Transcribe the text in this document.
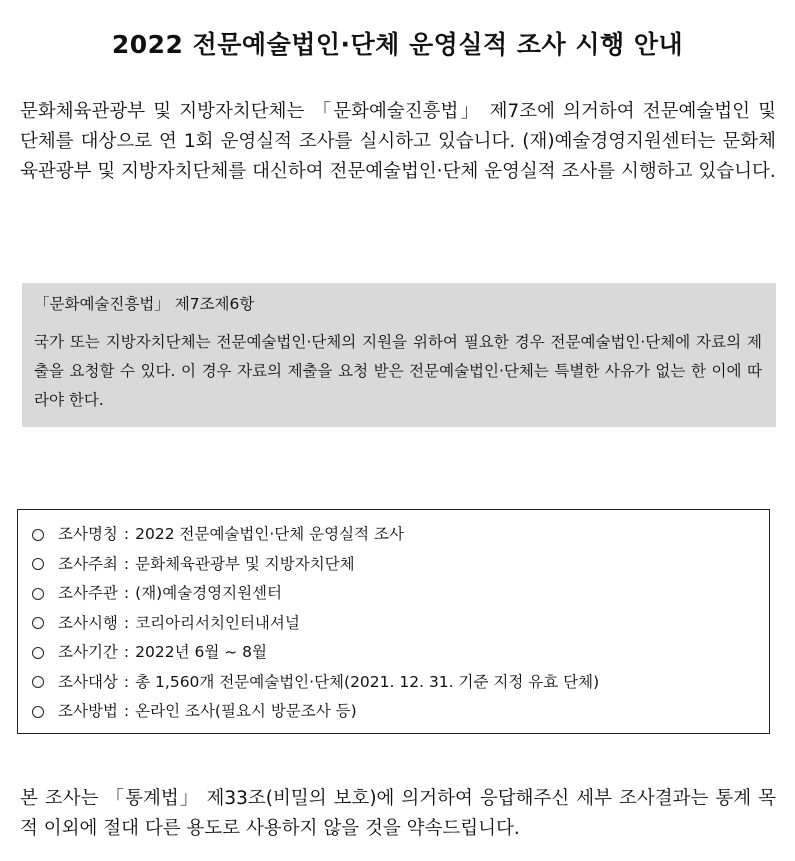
2022 전문예술법인·단체 운영실적 조사 시행 안내

문화체육관광부 및 지방자치단체는 「문화예술진흥법」 제7조에 의거하여 전문예술법인 및 단체를 대상으로 연 1회 운영실적 조사를 실시하고 있습니다. (재)예술경영지원센터는 문화체육관광부 및 지방자치단체를 대신하여 전문예술법인·단체 운영실적 조사를 시행하고 있습니다.

「문화예술진흥법」 제7조제6항

국가 또는 지방자치단체는 전문예술법인·단체의 지원을 위하여 필요한 경우 전문예술법인·단체에 자료의 제출을 요청할 수 있다. 이 경우 자료의 제출을 요청 받은 전문예술법인·단체는 특별한 사유가 없는 한 이에 따라야 한다.

조사명칭 : 2022 전문예술법인·단체 운영실적 조사
조사주최 : 문화체육관광부 및 지방자치단체
조사주관 : (재)예술경영지원센터
조사시행 : 코리아리서치인터내셔널
조사기간 : 2022년 6월 ~ 8월
조사대상 : 총 1,560개 전문예술법인·단체(2021. 12. 31. 기준 지정 유효 단체)
조사방법 : 온라인 조사(필요시 방문조사 등)

본 조사는 「통계법」 제33조(비밀의 보호)에 의거하여 응답해주신 세부 조사결과는 통계 목적 이외에 절대 다른 용도로 사용하지 않을 것을 약속드립니다.
